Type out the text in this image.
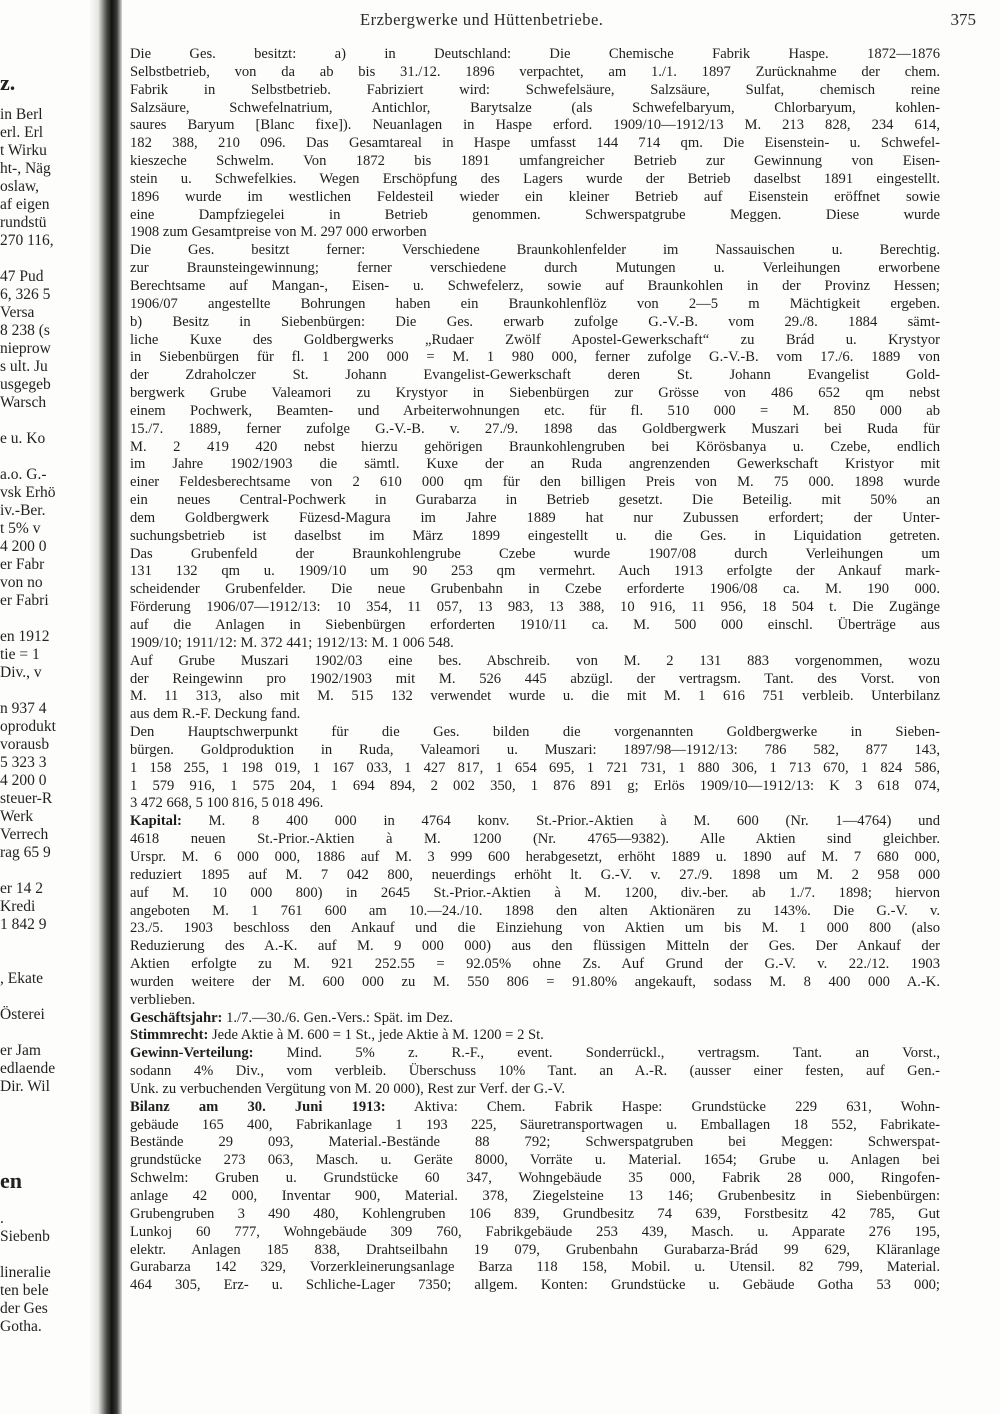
z.
in Berl
erl. Erl
t Wirku
ht-, Näg
oslaw,
af eigen
rundstü
270 116,
47 Pud
6, 326 5
Versa
8 238 (s
nieprow
s ult. Ju
usgegeb
Warsch
e u. Ko
a.o. G.-
vsk Erhö
iv.-Ber.
t 5% v
4 200 0
er Fabr
von no
er Fabri
en 1912
tie = 1
Div., v
n 937 4
oprodukt
vorausb
5 323 3
4 200 0
steuer-R
Werk
Verrech
rag 65 9
er 14 2
Kredi
1 842 9
, Ekate
Österei
er Jam
edlaende
Dir. Wil
en
.
Siebenb
lineralie
ten bele
der Ges
Gotha.
Erzbergwerke und Hüttenbetriebe.	375
Die Ges. besitzt: a) in Deutschland: Die Chemische Fabrik Haspe. 1872—1876
Selbstbetrieb, von da ab bis 31./12. 1896 verpachtet, am 1./1. 1897 Zurücknahme der chem.
Fabrik in Selbstbetrieb. Fabriziert wird: Schwefelsäure, Salzsäure, Sulfat, chemisch reine
Salzsäure, Schwefelnatrium, Antichlor, Barytsalze (als Schwefelbaryum, Chlorbaryum, kohlen-
saures Baryum [Blanc fixe]). Neuanlagen in Haspe erford. 1909/10—1912/13 M. 213 828, 234 614,
182 388, 210 096. Das Gesamtareal in Haspe umfasst 144 714 qm. Die Eisenstein- u. Schwefel-
kieszeche Schwelm. Von 1872 bis 1891 umfangreicher Betrieb zur Gewinnung von Eisen-
stein u. Schwefelkies. Wegen Erschöpfung des Lagers wurde der Betrieb daselbst 1891 eingestellt.
1896 wurde im westlichen Feldesteil wieder ein kleiner Betrieb auf Eisenstein eröffnet sowie
eine Dampfziegelei in Betrieb genommen. Schwerspatgrube Meggen. Diese wurde
1908 zum Gesamtpreise von M. 297 000 erworben
Die Ges. besitzt ferner: Verschiedene Braunkohlenfelder im Nassauischen u. Berechtig.
zur Braunsteingewinnung; ferner verschiedene durch Mutungen u. Verleihungen erworbene
Berechtsame auf Mangan-, Eisen- u. Schwefelerz, sowie auf Braunkohlen in der Provinz Hessen;
1906/07 angestellte Bohrungen haben ein Braunkohlenflöz von 2—5 m Mächtigkeit ergeben.
b) Besitz in Siebenbürgen: Die Ges. erwarb zufolge G.-V.-B. vom 29./8. 1884 sämt-
liche Kuxe des Goldbergwerks „Rudaer Zwölf Apostel-Gewerkschaft“ zu Brád u. Krystyor
in Siebenbürgen für fl. 1 200 000 = M. 1 980 000, ferner zufolge G.-V.-B. vom 17./6. 1889 von
der Zdraholczer St. Johann Evangelist-Gewerkschaft deren St. Johann Evangelist Gold-
bergwerk Grube Valeamori zu Krystyor in Siebenbürgen zur Grösse von 486 652 qm nebst
einem Pochwerk, Beamten- und Arbeiterwohnungen etc. für fl. 510 000 = M. 850 000 ab
15./7. 1889, ferner zufolge G.-V.-B. v. 27./9. 1898 das Goldbergwerk Muszari bei Ruda für
M. 2 419 420 nebst hierzu gehörigen Braunkohlengruben bei Körösbanya u. Czebe, endlich
im Jahre 1902/1903 die sämtl. Kuxe der an Ruda angrenzenden Gewerkschaft Kristyor mit
einer Feldesberechtsame von 2 610 000 qm für den billigen Preis von M. 75 000. 1898 wurde
ein neues Central-Pochwerk in Gurabarza in Betrieb gesetzt. Die Beteilig. mit 50% an
dem Goldbergwerk Füzesd-Magura im Jahre 1889 hat nur Zubussen erfordert; der Unter-
suchungsbetrieb ist daselbst im März 1899 eingestellt u. die Ges. in Liquidation getreten.
Das Grubenfeld der Braunkohlengrube Czebe wurde 1907/08 durch Verleihungen um
131 132 qm u. 1909/10 um 90 253 qm vermehrt. Auch 1913 erfolgte der Ankauf mark-
scheidender Grubenfelder. Die neue Grubenbahn in Czebe erforderte 1906/08 ca. M. 190 000.
Förderung 1906/07—1912/13: 10 354, 11 057, 13 983, 13 388, 10 916, 11 956, 18 504 t. Die Zugänge
auf die Anlagen in Siebenbürgen erforderten 1910/11 ca. M. 500 000 einschl. Überträge aus
1909/10; 1911/12: M. 372 441; 1912/13: M. 1 006 548.
Auf Grube Muszari 1902/03 eine bes. Abschreib. von M. 2 131 883 vorgenommen, wozu
der Reingewinn pro 1902/1903 mit M. 526 445 abzügl. der vertragsm. Tant. des Vorst. von
M. 11 313, also mit M. 515 132 verwendet wurde u. die mit M. 1 616 751 verbleib. Unterbilanz
aus dem R.-F. Deckung fand.
Den Hauptschwerpunkt für die Ges. bilden die vorgenannten Goldbergwerke in Sieben-
bürgen. Goldproduktion in Ruda, Valeamori u. Muszari: 1897/98—1912/13: 786 582, 877 143,
1 158 255, 1 198 019, 1 167 033, 1 427 817, 1 654 695, 1 721 731, 1 880 306, 1 713 670, 1 824 586,
1 579 916, 1 575 204, 1 694 894, 2 002 350, 1 876 891 g; Erlös 1909/10—1912/13: K 3 618 074,
3 472 668, 5 100 816, 5 018 496.
Kapital: M. 8 400 000 in 4764 konv. St.-Prior.-Aktien à M. 600 (Nr. 1—4764) und
4618 neuen St.-Prior.-Aktien à M. 1200 (Nr. 4765—9382). Alle Aktien sind gleichber.
Urspr. M. 6 000 000, 1886 auf M. 3 999 600 herabgesetzt, erhöht 1889 u. 1890 auf M. 7 680 000,
reduziert 1895 auf M. 7 042 800, neuerdings erhöht lt. G.-V. v. 27./9. 1898 um M. 2 958 000
auf M. 10 000 800) in 2645 St.-Prior.-Aktien à M. 1200, div.-ber. ab 1./7. 1898; hiervon
angeboten M. 1 761 600 am 10.—24./10. 1898 den alten Aktionären zu 143%. Die G.-V. v.
23./5. 1903 beschloss den Ankauf und die Einziehung von Aktien um bis M. 1 000 800 (also
Reduzierung des A.-K. auf M. 9 000 000) aus den flüssigen Mitteln der Ges. Der Ankauf der
Aktien erfolgte zu M. 921 252.55 = 92.05% ohne Zs. Auf Grund der G.-V. v. 22./12. 1903
wurden weitere der M. 600 000 zu M. 550 806 = 91.80% angekauft, sodass M. 8 400 000 A.-K.
verblieben.
Geschäftsjahr: 1./7.—30./6. Gen.-Vers.: Spät. im Dez.
Stimmrecht: Jede Aktie à M. 600 = 1 St., jede Aktie à M. 1200 = 2 St.
Gewinn-Verteilung: Mind. 5% z. R.-F., event. Sonderrückl., vertragsm. Tant. an Vorst.,
sodann 4% Div., vom verbleib. Überschuss 10% Tant. an A.-R. (ausser einer festen, auf Gen.-
Unk. zu verbuchenden Vergütung von M. 20 000), Rest zur Verf. der G.-V.
Bilanz am 30. Juni 1913: Aktiva: Chem. Fabrik Haspe: Grundstücke 229 631, Wohn-
gebäude 165 400, Fabrikanlage 1 193 225, Säuretransportwagen u. Emballagen 18 552, Fabrikate-
Bestände 29 093, Material.-Bestände 88 792; Schwerspatgruben bei Meggen: Schwerspat-
grundstücke 273 063, Masch. u. Geräte 8000, Vorräte u. Material. 1654; Grube u. Anlagen bei
Schwelm: Gruben u. Grundstücke 60 347, Wohngebäude 35 000, Fabrik 28 000, Ringofen-
anlage 42 000, Inventar 900, Material. 378, Ziegelsteine 13 146; Grubenbesitz in Siebenbürgen:
Grubengruben 3 490 480, Kohlengruben 106 839, Grundbesitz 74 639, Forstbesitz 42 785, Gut
Lunkoj 60 777, Wohngebäude 309 760, Fabrikgebäude 253 439, Masch. u. Apparate 276 195,
elektr. Anlagen 185 838, Drahtseilbahn 19 079, Grubenbahn Gurabarza-Brád 99 629, Kläranlage
Gurabarza 142 329, Vorzerkleinerungsanlage Barza 118 158, Mobil. u. Utensil. 82 799, Material.
464 305, Erz- u. Schliche-Lager 7350; allgem. Konten: Grundstücke u. Gebäude Gotha 53 000;
